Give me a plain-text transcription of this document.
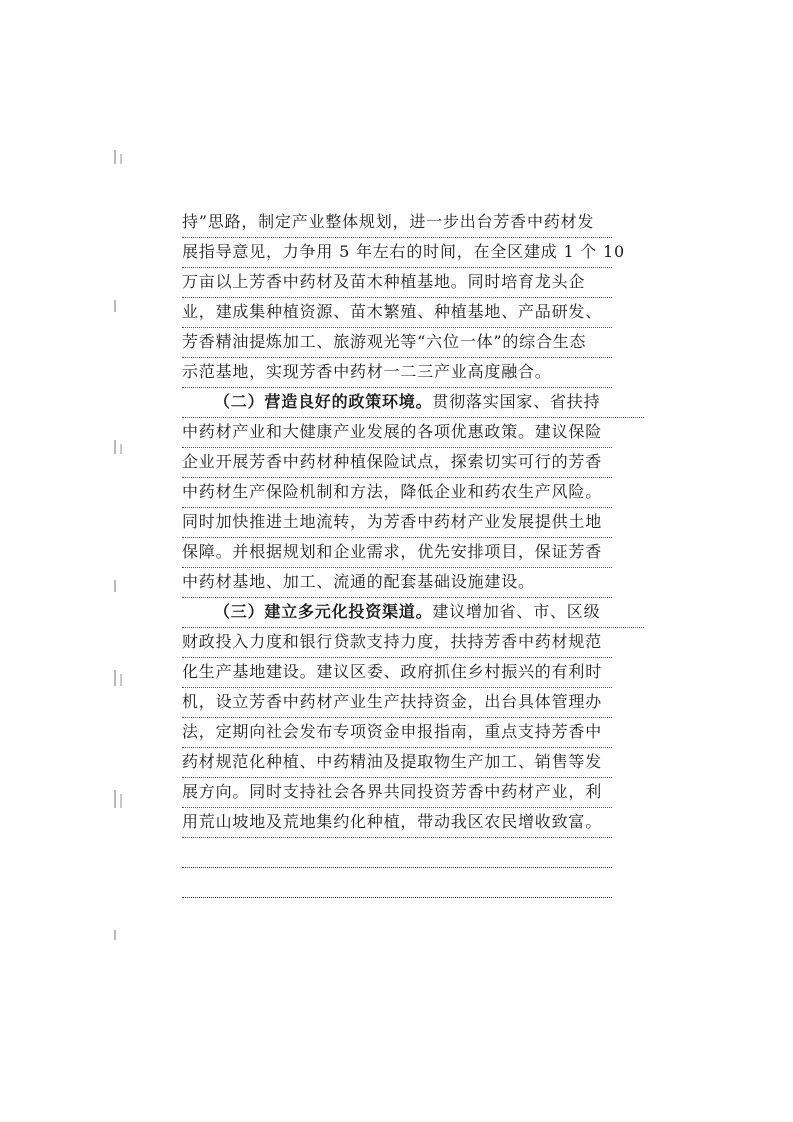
持”思路，制定产业整体规划，进一步出台芳香中药材发
展指导意见，力争用 5 年左右的时间，在全区建成 1 个 10
万亩以上芳香中药材及苗木种植基地。同时培育龙头企
业，建成集种植资源、苗木繁殖、种植基地、产品研发、
芳香精油提炼加工、旅游观光等“六位一体”的综合生态
示范基地，实现芳香中药材一二三产业高度融合。
（二）营造良好的政策环境。贯彻落实国家、省扶持
中药材产业和大健康产业发展的各项优惠政策。建议保险
企业开展芳香中药材种植保险试点，探索切实可行的芳香
中药材生产保险机制和方法，降低企业和药农生产风险。
同时加快推进土地流转，为芳香中药材产业发展提供土地
保障。并根据规划和企业需求，优先安排项目，保证芳香
中药材基地、加工、流通的配套基础设施建设。
（三）建立多元化投资渠道。建议增加省、市、区级
财政投入力度和银行贷款支持力度，扶持芳香中药材规范
化生产基地建设。建议区委、政府抓住乡村振兴的有利时
机，设立芳香中药材产业生产扶持资金，出台具体管理办
法，定期向社会发布专项资金申报指南，重点支持芳香中
药材规范化种植、中药精油及提取物生产加工、销售等发
展方向。同时支持社会各界共同投资芳香中药材产业，利
用荒山坡地及荒地集约化种植，带动我区农民增收致富。
